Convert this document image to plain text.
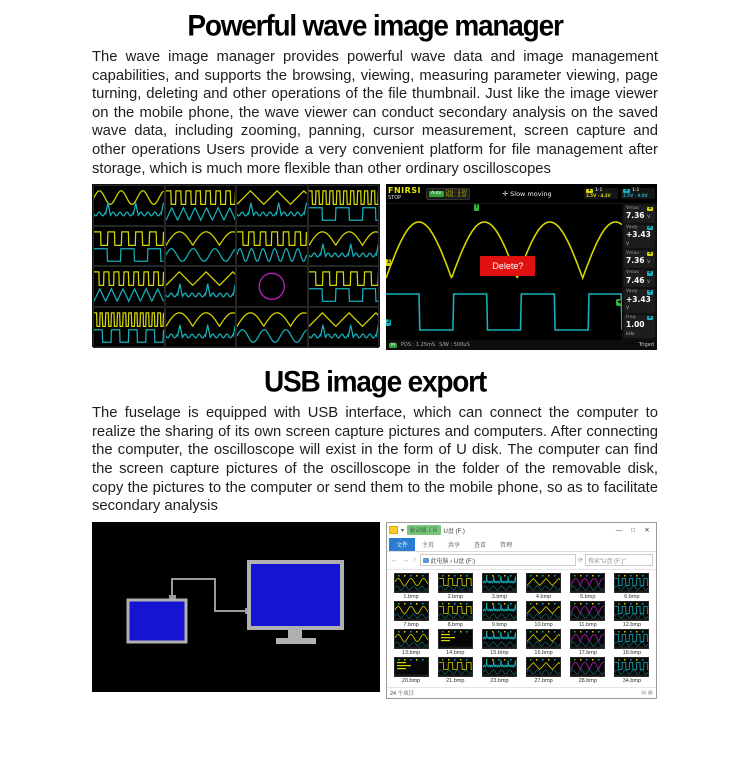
Powerful wave image manager

The wave image manager provides powerful wave data and image management capabilities, and supports the browsing, viewing, measuring parameter viewing, page turning, deleting and other operations of the file thumbnail. Just like the image viewer on the mobile phone, the wave viewer can conduct secondary analysis on the saved wave data, including zooming, panning, cursor measurement, screen capture and other operations Users provide a very convenient platform for file management after storage, which is much more flexible than other ordinary oscilloscopes

FNIRSI
STOP
Auto	CH1 : 2.5V
POS : 4.3V	✛ Slow moving	1 1:1
2.5V · 4.3V
2 1:1
2.5V · 0.0V
T
1
2
◀
Delete?
Vmax	1
7.36 V
Vavg	2
+3.43 V
Vmax	1
7.36 V
Vmax	2
7.46 V
Vavg	2
+3.43 V
Freq	2
1.00 kHz
M	POS : 1.25mS S/W : 500uS	Triged
USB image export

The fuselage is equipped with USB interface, which can connect the computer to realize the sharing of its own screen capture pictures and computers. After connecting the computer, the oscilloscope will exist in the form of U disk. The computer can find the screen capture pictures of the oscilloscope in the folder of the removable disk, copy the pictures to the computer or send them to the mobile phone, so as to facilitate secondary analysis

▾	驱动器工具	U盘 (F:)	—	□	✕
文件	主页	共享	查看	管理
← → ↑ 此电脑 › U盘 (F:)	⟳ 搜索"U盘 (F:)"
1.bmp	2.bmp	3.bmp	4.bmp	5.bmp	6.bmp
7.bmp	8.bmp	9.bmp	10.bmp	11.bmp	12.bmp
13.bmp	14.bmp	15.bmp	16.bmp	17.bmp	18.bmp
20.bmp	21.bmp	23.bmp	27.bmp	28.bmp	34.bmp
24 个项目	▤ ▦
